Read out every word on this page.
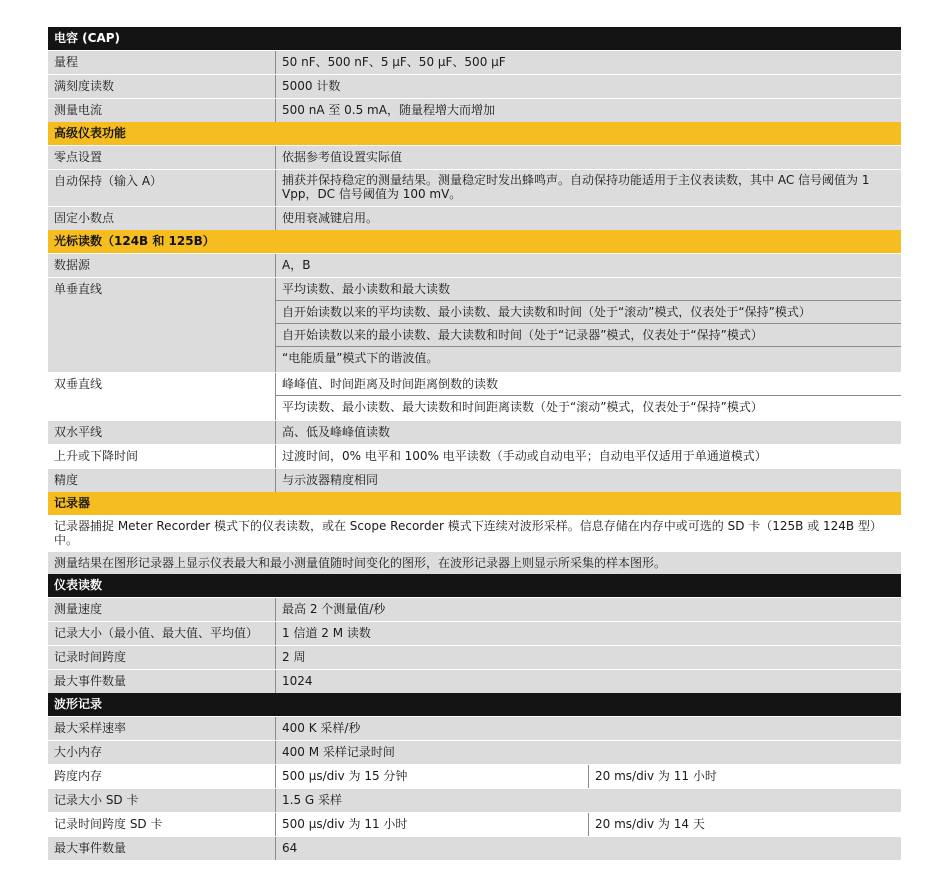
电容 (CAP)
量程	50 nF、500 nF、5 µF、50 µF、500 µF
满刻度读数	5000 计数
测量电流	500 nA 至 0.5 mA，随量程增大而增加
高级仪表功能
零点设置	依据参考值设置实际值
自动保持（输入 A）	捕获并保持稳定的测量结果。测量稳定时发出蜂鸣声。自动保持功能适用于主仪表读数，其中 AC 信号阈值为 1 Vpp，DC 信号阈值为 100 mV。
固定小数点	使用衰减键启用。
光标读数（124B 和 125B）
数据源	A，B
单垂直线	平均读数、最小读数和最大读数
自开始读数以来的平均读数、最小读数、最大读数和时间（处于“滚动”模式，仪表处于“保持”模式）
自开始读数以来的最小读数、最大读数和时间（处于“记录器”模式，仪表处于“保持”模式）
“电能质量”模式下的谐波值。
双垂直线	峰峰值、时间距离及时间距离倒数的读数
平均读数、最小读数、最大读数和时间距离读数（处于“滚动”模式，仪表处于“保持”模式）
双水平线	高、低及峰峰值读数
上升或下降时间	过渡时间，0% 电平和 100% 电平读数（手动或自动电平；自动电平仅适用于单通道模式）
精度	与示波器精度相同
记录器
记录器捕捉 Meter Recorder 模式下的仪表读数，或在 Scope Recorder 模式下连续对波形采样。信息存储在内存中或可选的 SD 卡（125B 或 124B 型）中。
测量结果在图形记录器上显示仪表最大和最小测量值随时间变化的图形，在波形记录器上则显示所采集的样本图形。
仪表读数
测量速度	最高 2 个测量值/秒
记录大小（最小值、最大值、平均值）	1 信道 2 M 读数
记录时间跨度	2 周
最大事件数量	1024
波形记录
最大采样速率	400 K 采样/秒
大小内存	400 M 采样记录时间
跨度内存	500 µs/div 为 15 分钟	20 ms/div 为 11 小时
记录大小 SD 卡	1.5 G 采样
记录时间跨度 SD 卡	500 µs/div 为 11 小时	20 ms/div 为 14 天
最大事件数量	64
